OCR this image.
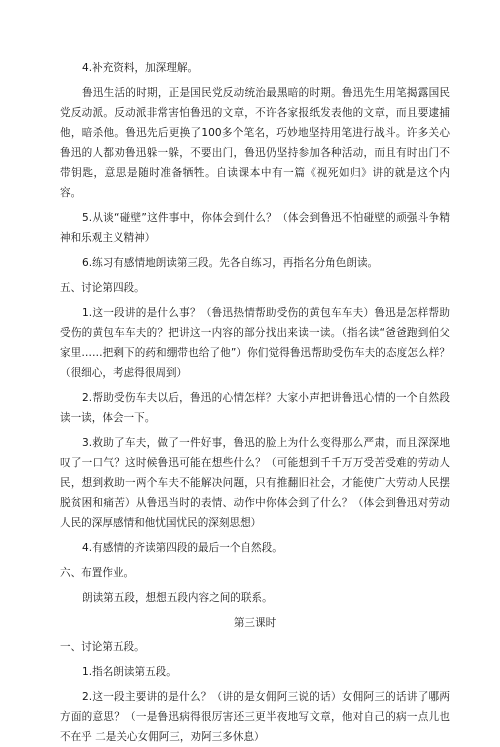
4.补充资料，加深理解。

鲁迅生活的时期，正是国民党反动统治最黑暗的时期。鲁迅先生用笔揭露国民党反动派。反动派非常害怕鲁迅的文章，不许各家报纸发表他的文章，而且要逮捕他，暗杀他。鲁迅先后更换了100多个笔名，巧妙地坚持用笔进行战斗。许多关心鲁迅的人都劝鲁迅躲一躲，不要出门，鲁迅仍坚持参加各种活动，而且有时出门不带钥匙，意思是随时准备牺牲。自读课本中有一篇《视死如归》讲的就是这个内容。

5.从谈“碰壁”这件事中，你体会到什么？（体会到鲁迅不怕碰壁的顽强斗争精神和乐观主义精神）

6.练习有感情地朗读第三段。先各自练习，再指名分角色朗读。

五、讨论第四段。

1.这一段讲的是什么事？（鲁迅热情帮助受伤的黄包车车夫）鲁迅是怎样帮助受伤的黄包车车夫的？把讲这一内容的部分找出来读一读。（指名读“爸爸跑到伯父家里……把剩下的药和绷带也给了他”）你们觉得鲁迅帮助受伤车夫的态度怎么样？（很细心，考虑得很周到）

2.帮助受伤车夫以后，鲁迅的心情怎样？大家小声把讲鲁迅心情的一个自然段读一读，体会一下。

3.救助了车夫，做了一件好事，鲁迅的脸上为什么变得那么严肃，而且深深地叹了一口气？这时候鲁迅可能在想些什么？（可能想到千千万万受苦受难的劳动人民，想到救助一两个车夫不能解决问题，只有推翻旧社会，才能使广大劳动人民摆脱贫困和痛苦）从鲁迅当时的表情、动作中你体会到了什么？（体会到鲁迅对劳动人民的深厚感情和他忧国忧民的深刻思想）

4.有感情的齐读第四段的最后一个自然段。

六、布置作业。

朗读第五段，想想五段内容之间的联系。

第三课时

一、讨论第五段。

1.指名朗读第五段。

2.这一段主要讲的是什么？（讲的是女佣阿三说的话）女佣阿三的话讲了哪两方面的意思？（一是鲁迅病得很厉害还三更半夜地写文章，他对自己的病一点儿也不在乎 二是关心女佣阿三，劝阿三多休息）
